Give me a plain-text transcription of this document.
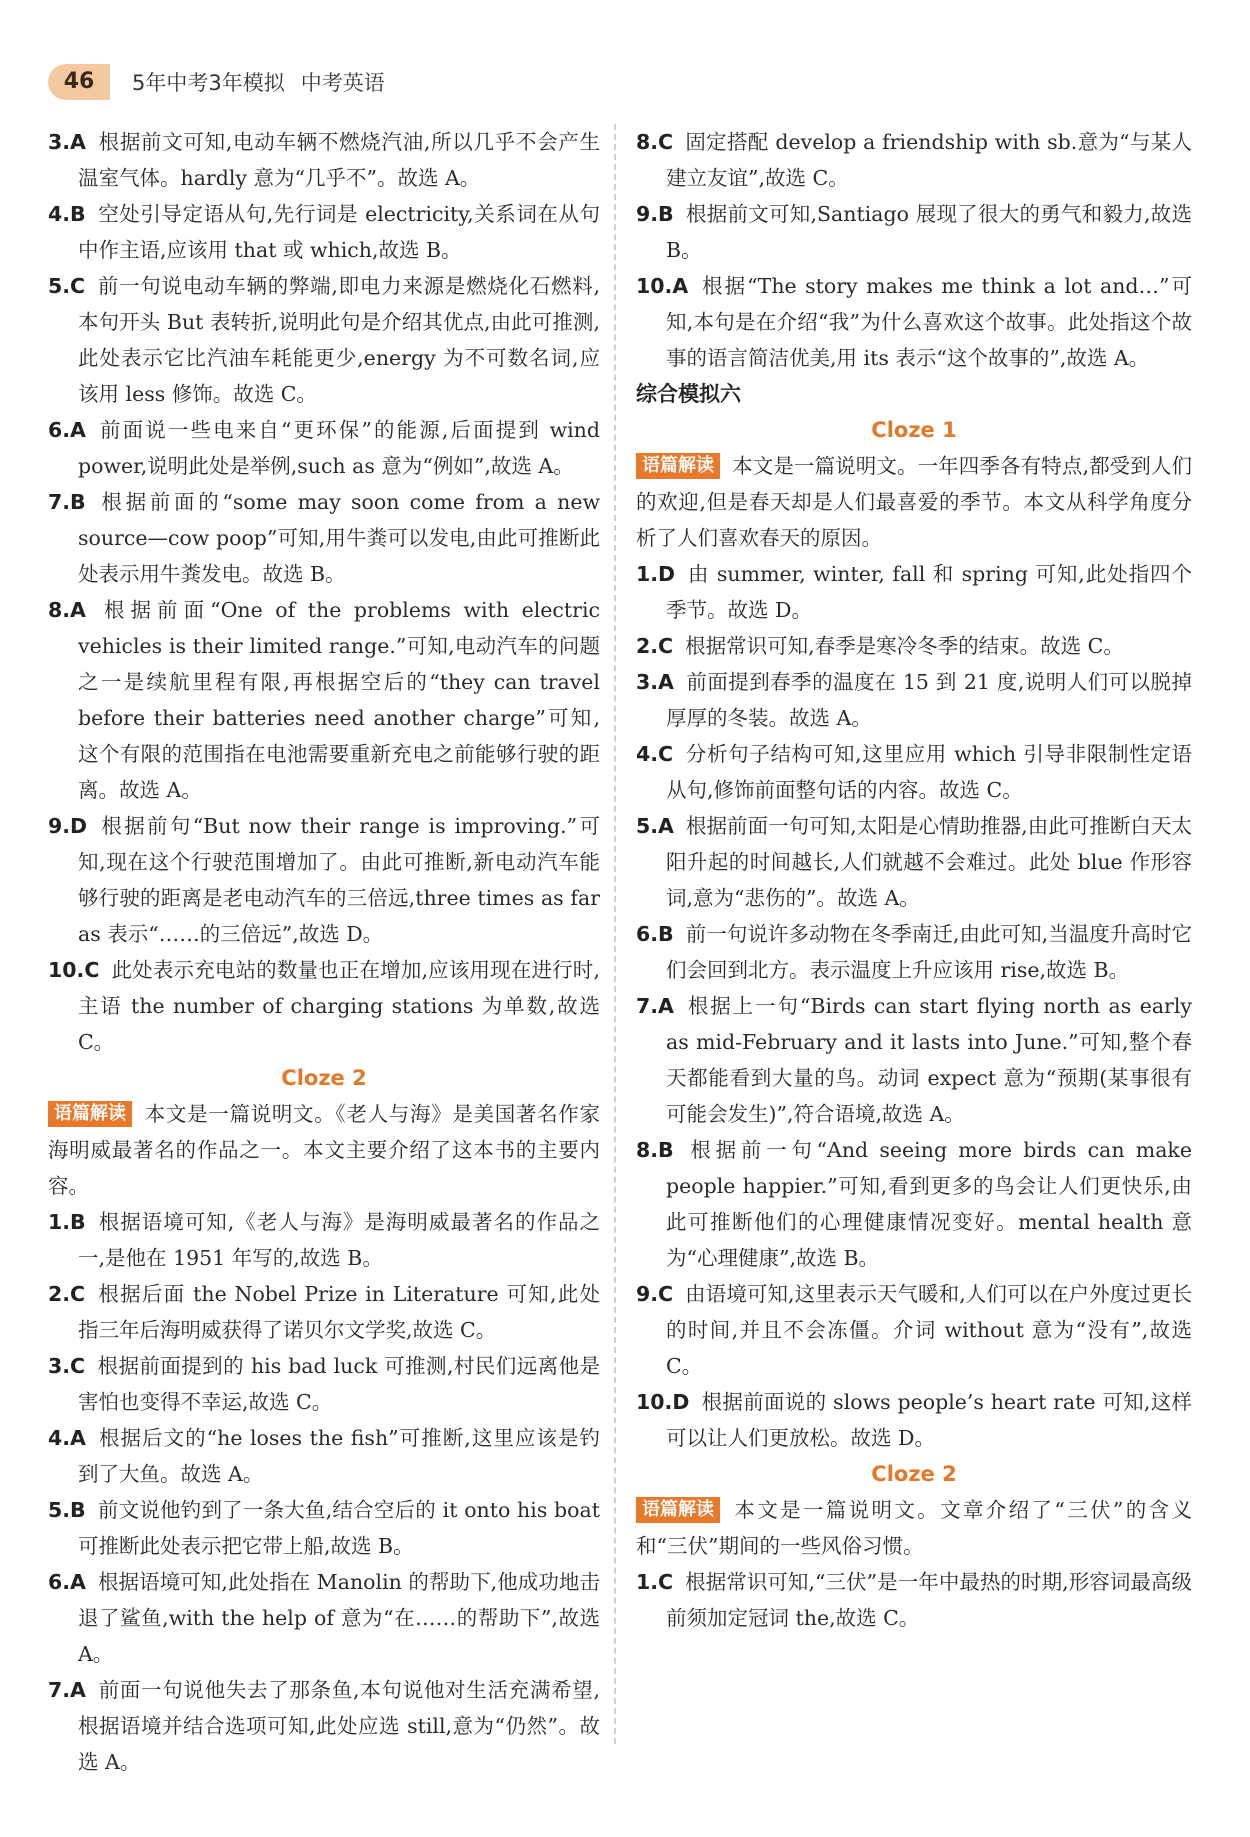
46	5年中考3年模拟 中考英语

3.A 根据前文可知,电动车辆不燃烧汽油,所以几乎不会产生温室气体。hardly 意为“几乎不”。故选 A。

4.B 空处引导定语从句,先行词是 electricity,关系词在从句中作主语,应该用 that 或 which,故选 B。

5.C 前一句说电动车辆的弊端,即电力来源是燃烧化石燃料,本句开头 But 表转折,说明此句是介绍其优点,由此可推测,此处表示它比汽油车耗能更少,energy 为不可数名词,应该用 less 修饰。故选 C。

6.A 前面说一些电来自“更环保”的能源,后面提到 wind power,说明此处是举例,such as 意为“例如”,故选 A。

7.B 根据前面的“some may soon come from a new source—cow poop”可知,用牛粪可以发电,由此可推断此处表示用牛粪发电。故选 B。

8.A 根据前面“One of the problems with electric vehicles is their limited range.”可知,电动汽车的问题之一是续航里程有限,再根据空后的“they can travel before their batteries need another charge”可知,这个有限的范围指在电池需要重新充电之前能够行驶的距离。故选 A。

9.D 根据前句“But now their range is improving.”可知,现在这个行驶范围增加了。由此可推断,新电动汽车能够行驶的距离是老电动汽车的三倍远,three times as far as 表示“……的三倍远”,故选 D。

10.C 此处表示充电站的数量也正在增加,应该用现在进行时,主语 the number of charging stations 为单数,故选 C。

Cloze 2

语篇解读 本文是一篇说明文。《老人与海》是美国著名作家海明威最著名的作品之一。本文主要介绍了这本书的主要内容。

1.B 根据语境可知,《老人与海》是海明威最著名的作品之一,是他在 1951 年写的,故选 B。

2.C 根据后面 the Nobel Prize in Literature 可知,此处指三年后海明威获得了诺贝尔文学奖,故选 C。

3.C 根据前面提到的 his bad luck 可推测,村民们远离他是害怕也变得不幸运,故选 C。

4.A 根据后文的“he loses the fish”可推断,这里应该是钓到了大鱼。故选 A。

5.B 前文说他钓到了一条大鱼,结合空后的 it onto his boat 可推断此处表示把它带上船,故选 B。

6.A 根据语境可知,此处指在 Manolin 的帮助下,他成功地击退了鲨鱼,with the help of 意为“在……的帮助下”,故选 A。

7.A 前面一句说他失去了那条鱼,本句说他对生活充满希望,根据语境并结合选项可知,此处应选 still,意为“仍然”。故选 A。

8.C 固定搭配 develop a friendship with sb.意为“与某人建立友谊”,故选 C。

9.B 根据前文可知,Santiago 展现了很大的勇气和毅力,故选 B。

10.A 根据“The story makes me think a lot and…”可知,本句是在介绍“我”为什么喜欢这个故事。此处指这个故事的语言简洁优美,用 its 表示“这个故事的”,故选 A。

综合模拟六

Cloze 1

语篇解读 本文是一篇说明文。一年四季各有特点,都受到人们的欢迎,但是春天却是人们最喜爱的季节。本文从科学角度分析了人们喜欢春天的原因。

1.D 由 summer, winter, fall 和 spring 可知,此处指四个季节。故选 D。

2.C 根据常识可知,春季是寒冷冬季的结束。故选 C。

3.A 前面提到春季的温度在 15 到 21 度,说明人们可以脱掉厚厚的冬装。故选 A。

4.C 分析句子结构可知,这里应用 which 引导非限制性定语从句,修饰前面整句话的内容。故选 C。

5.A 根据前面一句可知,太阳是心情助推器,由此可推断白天太阳升起的时间越长,人们就越不会难过。此处 blue 作形容词,意为“悲伤的”。故选 A。

6.B 前一句说许多动物在冬季南迁,由此可知,当温度升高时它们会回到北方。表示温度上升应该用 rise,故选 B。

7.A 根据上一句“Birds can start flying north as early as mid-February and it lasts into June.”可知,整个春天都能看到大量的鸟。动词 expect 意为“预期(某事很有可能会发生)”,符合语境,故选 A。

8.B 根据前一句“And seeing more birds can make people happier.”可知,看到更多的鸟会让人们更快乐,由此可推断他们的心理健康情况变好。mental health 意为“心理健康”,故选 B。

9.C 由语境可知,这里表示天气暖和,人们可以在户外度过更长的时间,并且不会冻僵。介词 without 意为“没有”,故选 C。

10.D 根据前面说的 slows people’s heart rate 可知,这样可以让人们更放松。故选 D。

Cloze 2

语篇解读 本文是一篇说明文。文章介绍了“三伏”的含义和“三伏”期间的一些风俗习惯。

1.C 根据常识可知,“三伏”是一年中最热的时期,形容词最高级前须加定冠词 the,故选 C。
